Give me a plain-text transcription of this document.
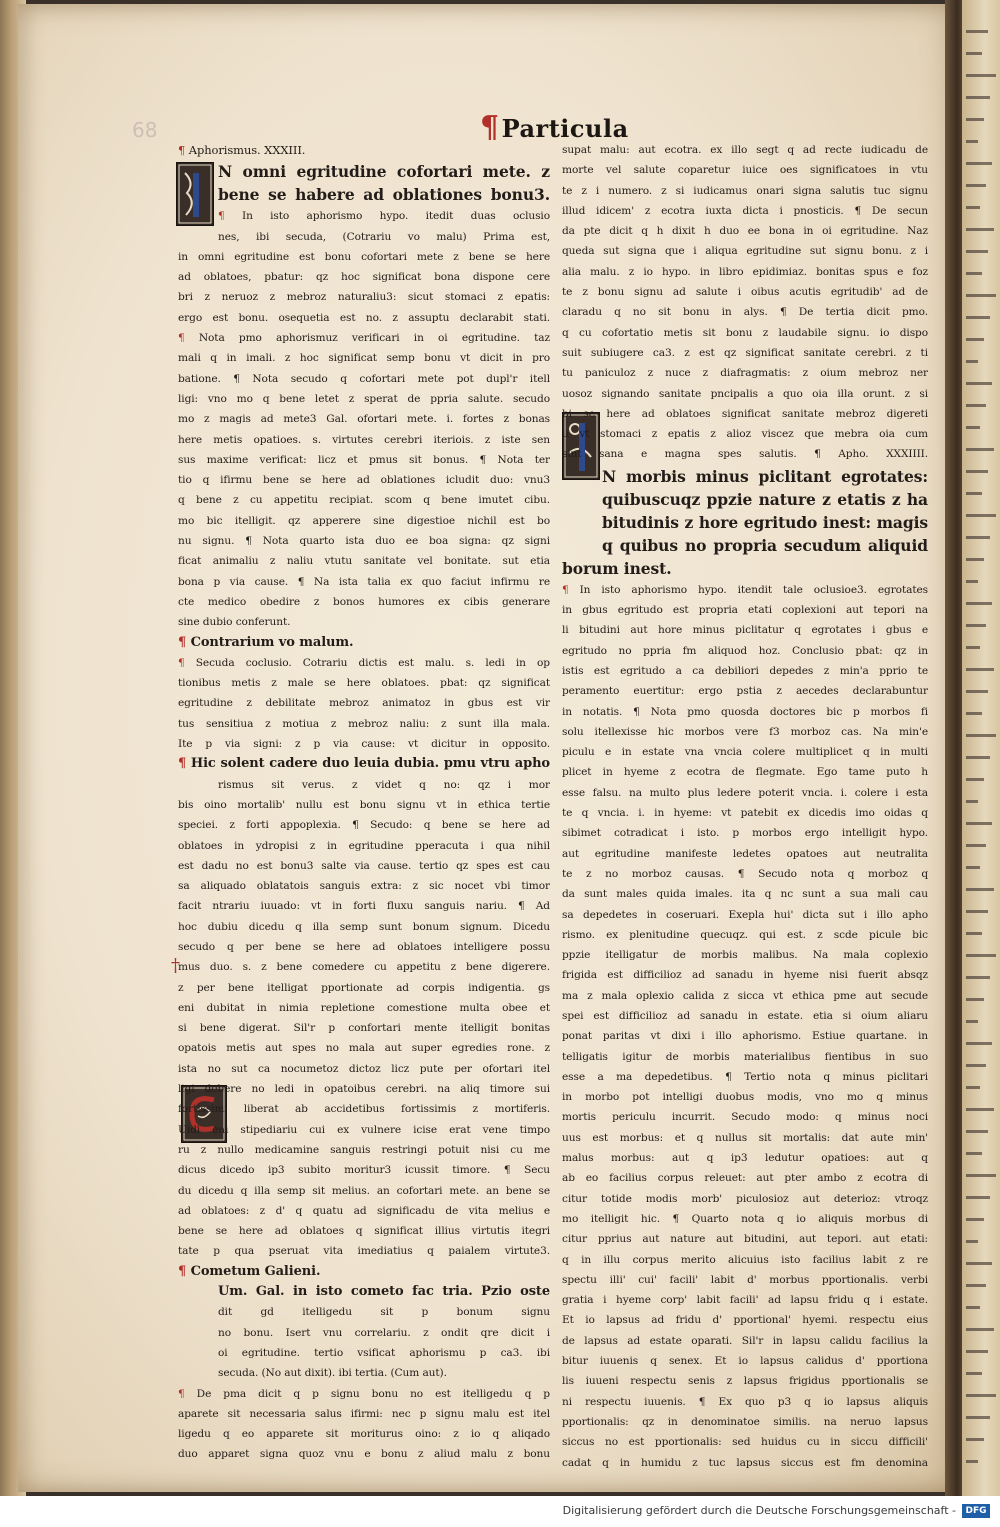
68	¶Particula
†
¶ Aphorismus. XXXIII.
N omni egritudine cofortari mete. z
bene se habere ad oblationes bonu3.
¶ In isto aphorismo hypo. itedit duas oclusio
nes, ibi secuda, (Cotrariu vo malu) Prima est,
in omni egritudine est bonu cofortari mete z bene se here
ad oblatoes, pbatur: qz hoc significat bona dispone cere
bri z neruoz z mebroz naturaliu3: sicut stomaci z epatis:
ergo est bonu. osequetia est no. z assuptu declarabit stati.
¶ Nota pmo aphorismuz verificari in oi egritudine. taz
mali q in imali. z hoc significat semp bonu vt dicit in pro
batione. ¶ Nota secudo q cofortari mete pot dupl'r itell
ligi: vno mo q bene letet z sperat de ppria salute. secudo
mo z magis ad mete3 Gal. ofortari mete. i. fortes z bonas
here metis opatioes. s. virtutes cerebri iteriois. z iste sen
sus maxime verificat: licz et pmus sit bonus. ¶ Nota ter
tio q ifirmu bene se here ad oblationes icludit duo: vnu3
q bene z cu appetitu recipiat. scom q bene imutet cibu.
mo bic itelligit. qz apperere sine digestioe nichil est bo
nu signu. ¶ Nota quarto ista duo ee boa signa: qz signi
ficat animaliu z naliu vtutu sanitate vel bonitate. sut etia
bona p via cause. ¶ Na ista talia ex quo faciut infirmu re
cte medico obedire z bonos humores ex cibis generare
sine dubio conferunt.
¶ Contrarium vo malum.
¶ Secuda coclusio. Cotrariu dictis est malu. s. ledi in op
tionibus metis z male se here oblatoes. pbat: qz significat
egritudine z debilitate mebroz animatoz in gbus est vir
tus sensitiua z motiua z mebroz naliu: z sunt illa mala.
Ite p via signi: z p via cause: vt dicitur in opposito.
¶ Hic solent cadere duo leuia dubia. pmu vtru apho
rismus sit verus. z videt q no: qz i mor
bis oino mortalib' nullu est bonu signu vt in ethica tertie
speciei. z forti appoplexia. ¶ Secudo: q bene se here ad
oblatoes in ydropisi z in egritudine pperacuta i qua nihil
est dadu no est bonu3 salte via cause. tertio qz spes est cau
sa aliquado oblatatois sanguis extra: z sic nocet vbi timor
facit ntrariu iuuado: vt in forti fluxu sanguis nariu. ¶ Ad
hoc dubiu dicedu q illa semp sunt bonum signum. Dicedu
secudo q per bene se here ad oblatoes intelligere possu
mus duo. s. z bene comedere cu appetitu z bene digerere.
z per bene itelligat pportionate ad corpis indigentia. gs
eni dubitat in nimia repletione comestione multa obee et
si bene digerat. Sil'r p confortari mente itelligit bonitas
opatois metis aut spes no mala aut super egredies rone. z
ista no sut ca nocumetoz dictoz licz pute per ofortari itel
ligi debere no ledi in opatoibus cerebri. na aliq timore sui
fortissim' liberat ab accidetibus fortissimis z mortiferis.
Uidi eni stipediariu cui ex vulnere icise erat vene timpo
ru z nullo medicamine sanguis restringi potuit nisi cu me
dicus dicedo ip3 subito moritur3 icussit timore. ¶ Secu
du dicedu q illa semp sit melius. an cofortari mete. an bene se
ad oblatoes: z d' q quatu ad significadu de vita melius e
bene se here ad oblatoes q significat illius virtutis itegri
tate p qua pseruat vita imediatius q paialem virtute3.
¶ Cometum Galieni.
Um. Gal. in isto cometo fac tria. Pzio oste
dit gd itelligedu sit p bonum signu
no bonu. Isert vnu correlariu. z ondit qre dicit i
oi egritudine. tertio vsificat aphorismu p ca3. ibi
secuda. (No aut dixit). ibi tertia. (Cum aut).
¶ De pma dicit q p signu bonu no est itelligedu q p
aparete sit necessaria salus ifirmi: nec p signu malu est itel
ligedu q eo apparete sit moriturus oino: z io q aliqado
duo apparet signa quoz vnu e bonu z aliud malu z bonu
supat malu: aut ecotra. ex illo segt q ad recte iudicadu de
morte vel salute coparetur iuice oes significatoes in vtu
te z i numero. z si iudicamus onari signa salutis tuc signu
illud idicem' z ecotra iuxta dicta i pnosticis. ¶ De secun
da pte dicit q h dixit h duo ee bona in oi egritudine. Naz
queda sut signa que i aliqua egritudine sut signu bonu. z i
alia malu. z io hypo. in libro epidimiaz. bonitas spus e foz
te z bonu signu ad salute i oibus acutis egritudib' ad de
claradu q no sit bonu in alys. ¶ De tertia dicit pmo.
q cu cofortatio metis sit bonu z laudabile signu. io dispo
suit subiugere ca3. z est qz significat sanitate cerebri. z ti
tu paniculoz z nuce z diafragmatis: z oium mebroz ner
uosoz signando sanitate pncipalis a quo oia illa orunt. z si
bi se here ad oblatoes significat sanitate mebroz digereti
u vt stomaci z epatis z alioz viscez que mebra oia cum
sint sana e magna spes salutis. ¶ Apho. XXXIIII.
N morbis minus piclitant egrotates:
quibuscuqz ppzie nature z etatis z ha
bitudinis z hore egritudo inest: magis
q quibus no propria secudum aliquid
borum inest.
¶ In isto aphorismo hypo. itendit tale oclusioe3. egrotates
in gbus egritudo est propria etati coplexioni aut tepori na
li bitudini aut hore minus piclitatur q egrotates i gbus e
egritudo no ppria fm aliquod hoz. Conclusio pbat: qz in
istis est egritudo a ca debiliori depedes z min'a pprio te
peramento euertitur: ergo pstia z aecedes declarabuntur
in notatis. ¶ Nota pmo quosda doctores bic p morbos fi
solu itellexisse hic morbos vere f3 morboz cas. Na min'e
piculu e in estate vna vncia colere multiplicet q in multi
plicet in hyeme z ecotra de flegmate. Ego tame puto h
esse falsu. na multo plus ledere poterit vncia. i. colere i esta
te q vncia. i. in hyeme: vt patebit ex dicedis imo oidas q
sibimet cotradicat i isto. p morbos ergo intelligit hypo.
aut egritudine manifeste ledetes opatoes aut neutralita
te z no morboz causas. ¶ Secudo nota q morboz q
da sunt males quida imales. ita q nc sunt a sua mali cau
sa depedetes in coseruari. Exepla hui' dicta sut i illo apho
rismo. ex plenitudine quecuqz. qui est. z scde picule bic
ppzie itelligatur de morbis malibus. Na mala coplexio
frigida est difficilioz ad sanadu in hyeme nisi fuerit absqz
ma z mala oplexio calida z sicca vt ethica pme aut secude
spei est difficilioz ad sanadu in estate. etia si oium aliaru
ponat paritas vt dixi i illo aphorismo. Estiue quartane. in
telligatis igitur de morbis materialibus fientibus in suo
esse a ma depedetibus. ¶ Tertio nota q minus piclitari
in morbo pot intelligi duobus modis, vno mo q minus
mortis periculu incurrit. Secudo modo: q minus noci
uus est morbus: et q nullus sit mortalis: dat aute min'
malus morbus: aut q ip3 ledutur opatioes: aut q
ab eo facilius corpus releuet: aut pter ambo z ecotra di
citur totide modis morb' piculosioz aut deterioz: vtroqz
mo itelligit hic. ¶ Quarto nota q io aliquis morbus di
citur pprius aut nature aut bitudini, aut tepori. aut etati:
q in illu corpus merito alicuius isto facilius labit z re
spectu illi' cui' facili' labit d' morbus pportionalis. verbi
gratia i hyeme corp' labit facili' ad lapsu fridu q i estate.
Et io lapsus ad fridu d' pportional' hyemi. respectu eius
de lapsus ad estate oparati. Sil'r in lapsu calidu facilius la
bitur iuuenis q senex. Et io lapsus calidus d' pportiona
lis iuueni respectu senis z lapsus frigidus pportionalis se
ni respectu iuuenis. ¶ Ex quo p3 q io lapsus aliquis
pportionalis: qz in denominatoe similis. na neruo lapsus
siccus no est pportionalis: sed huidus cu in siccu difficili'
cadat q in humidu z tuc lapsus siccus est fm denomina
Digitalisierung gefördert durch die Deutsche Forschungsgemeinschaft -	DFG
